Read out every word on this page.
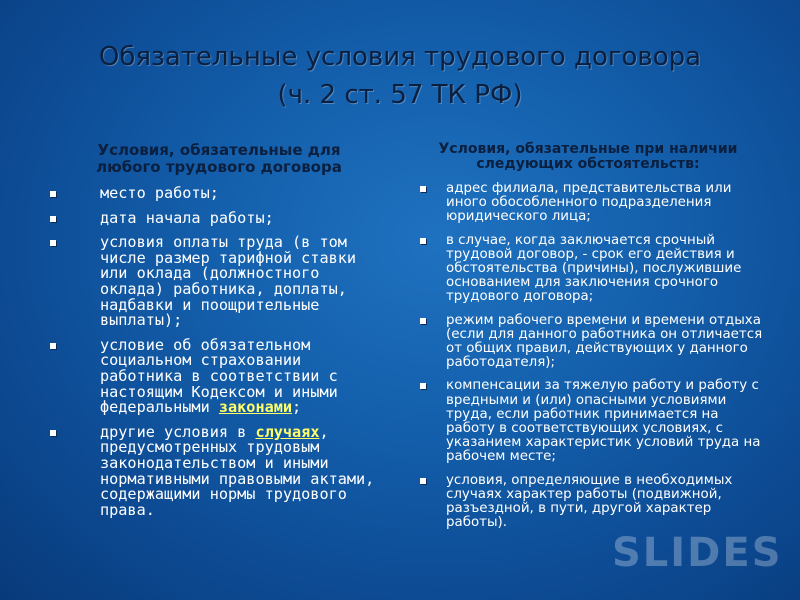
Обязательные условия трудового договора
(ч. 2 ст. 57 ТК РФ)
Условия, обязательные для любого трудового договора
место работы;
дата начала работы;
условия оплаты труда (в том числе размер тарифной ставки или оклада (должностного оклада) работника, доплаты, надбавки и поощрительные выплаты);
условие об обязательном социальном страховании работника в соответствии с настоящим Кодексом и иными федеральными законами;
другие условия в случаях, предусмотренных трудовым законодательством и иными нормативными правовыми актами, содержащими нормы трудового права.
Условия, обязательные при наличии следующих обстоятельств:
адрес филиала, представительства или иного обособленного подразделения юридического лица;
в случае, когда заключается срочный трудовой договор, - срок его действия и обстоятельства (причины), послужившие основанием для заключения срочного трудового договора;
режим рабочего времени и времени отдыха (если для данного работника он отличается от общих правил, действующих у данного работодателя);
компенсации за тяжелую работу и работу с вредными и (или) опасными условиями труда, если работник принимается на работу в соответствующих условиях, с указанием характеристик условий труда на рабочем месте;
условия, определяющие в необходимых случаях характер работы (подвижной, разъездной, в пути, другой характер работы).
SLIDES
